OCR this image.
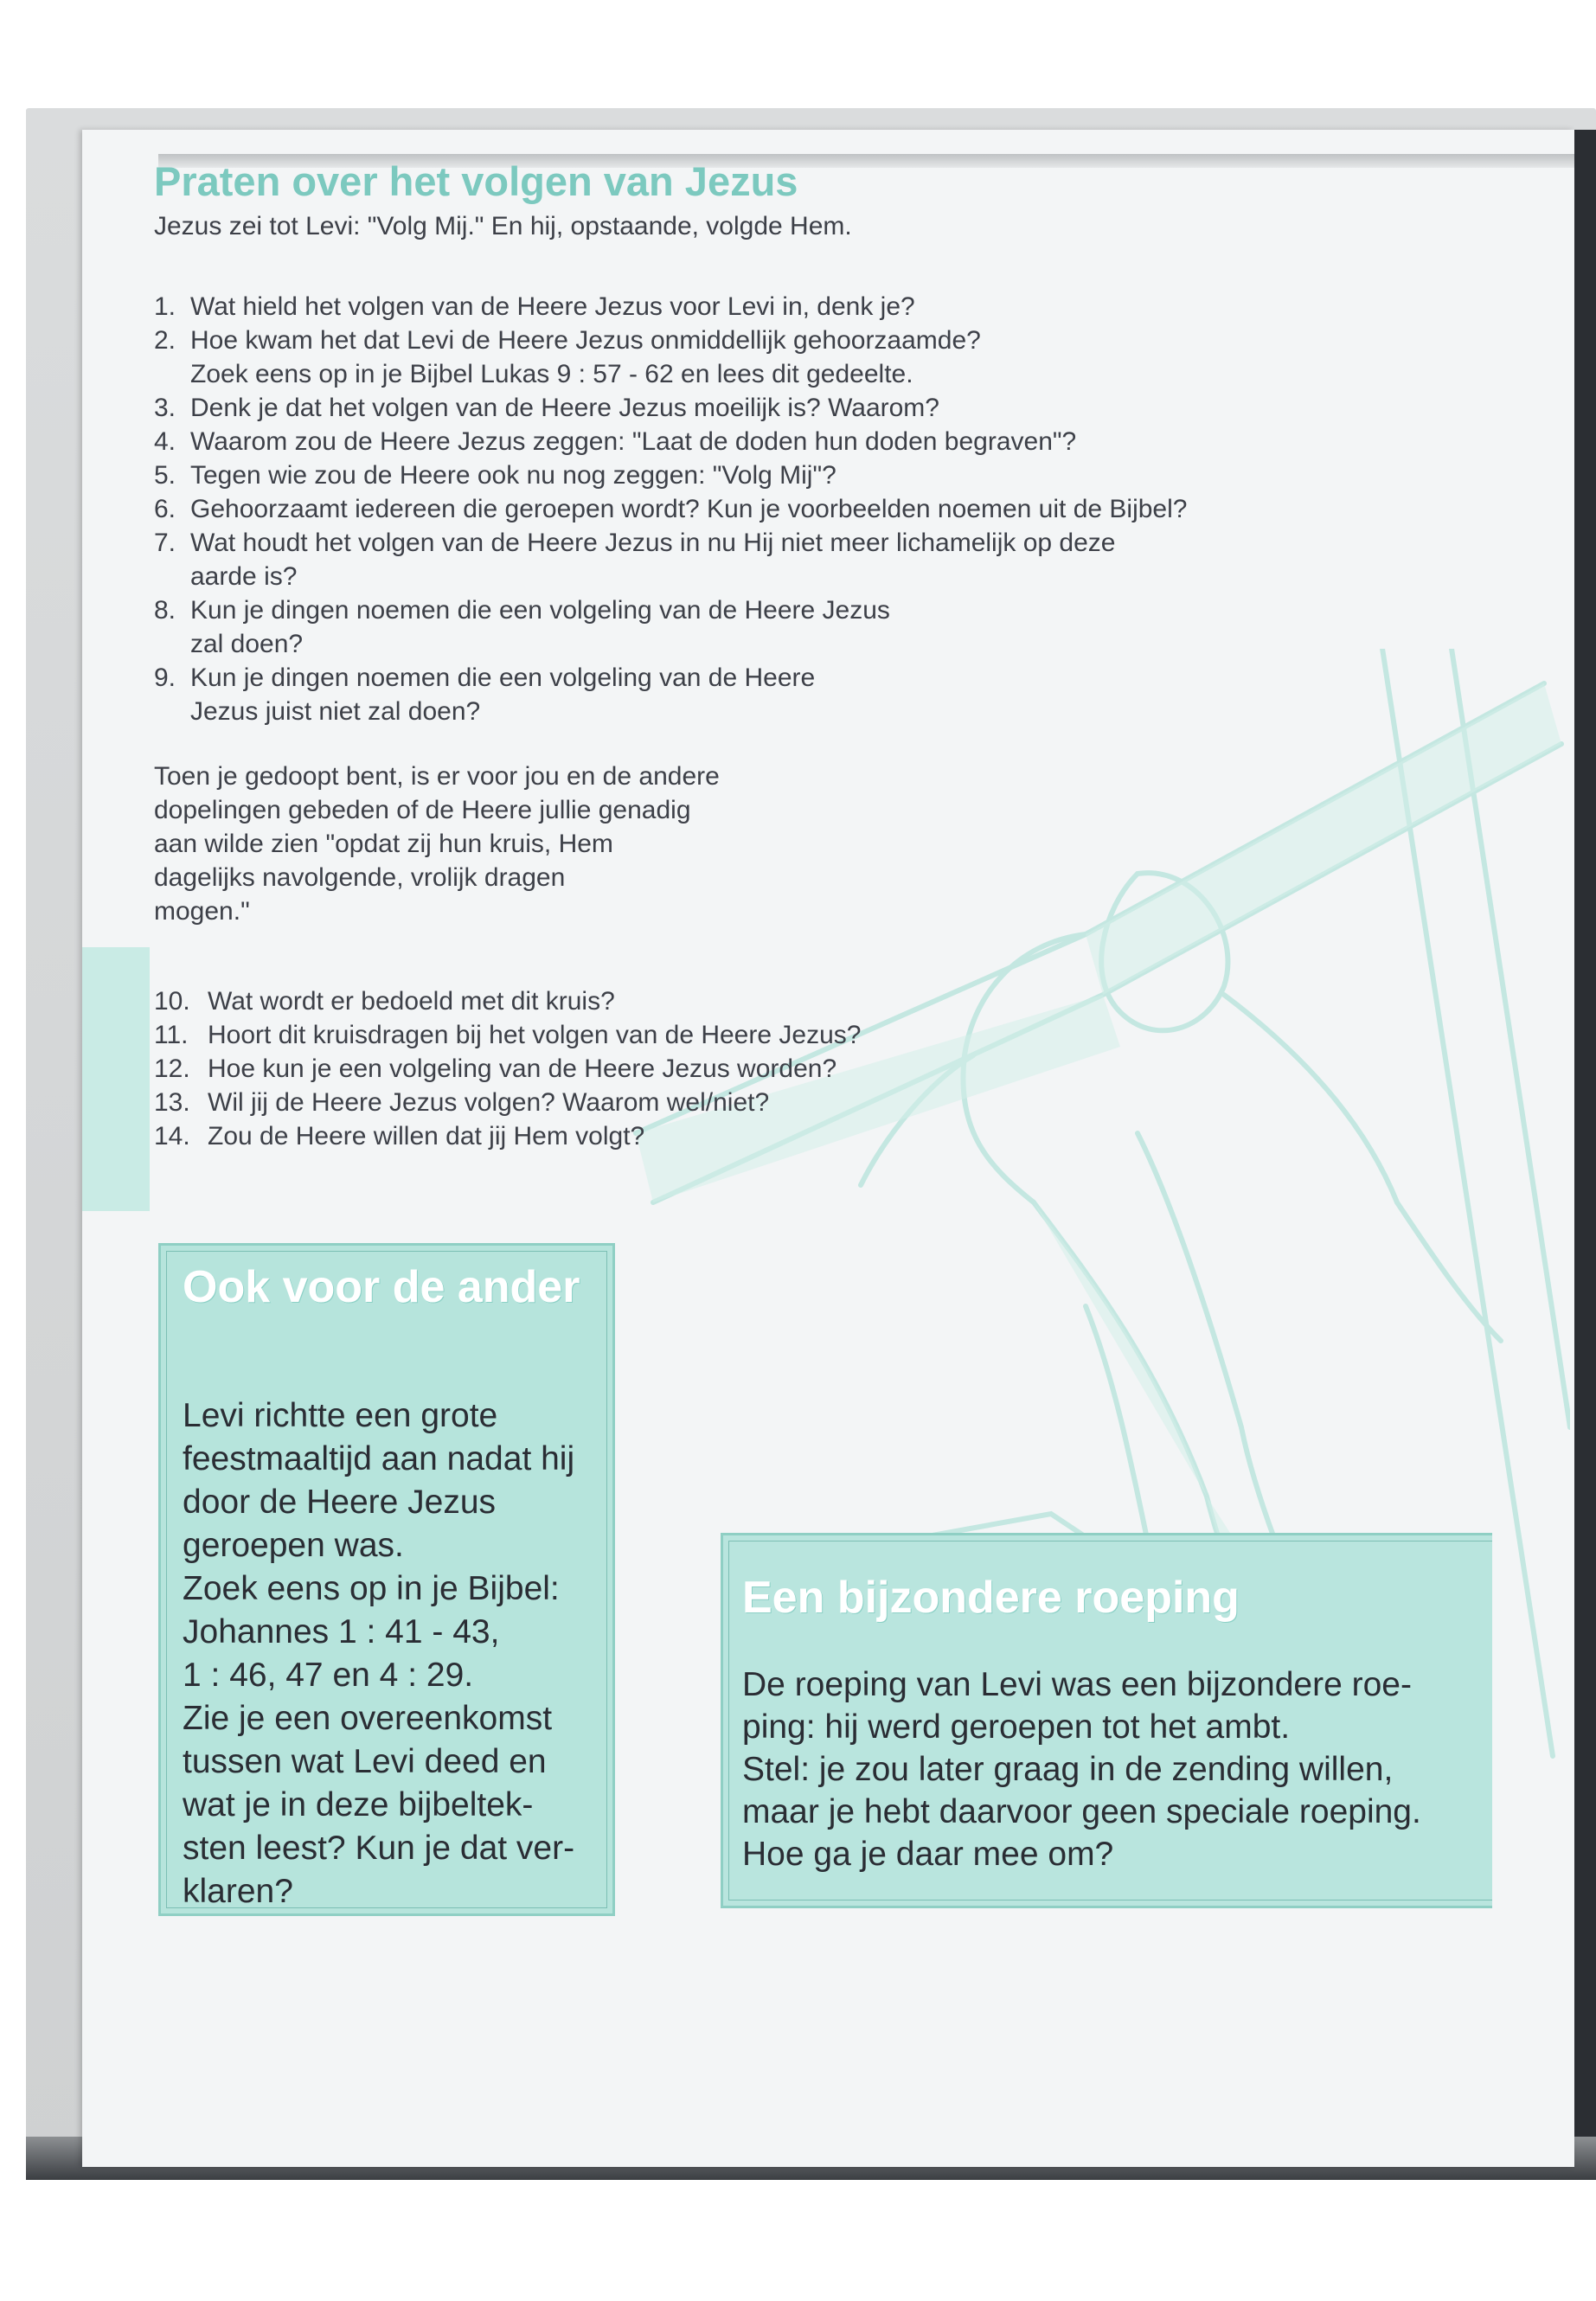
Praten over het volgen van Jezus
Jezus zei tot Levi: "Volg Mij." En hij, opstaande, volgde Hem.
1. Wat hield het volgen van de Heere Jezus voor Levi in, denk je?
2. Hoe kwam het dat Levi de Heere Jezus onmiddellijk gehoorzaamde?
Zoek eens op in je Bijbel Lukas 9 : 57 - 62 en lees dit gedeelte.
3. Denk je dat het volgen van de Heere Jezus moeilijk is? Waarom?
4. Waarom zou de Heere Jezus zeggen: "Laat de doden hun doden begraven"?
5. Tegen wie zou de Heere ook nu nog zeggen: "Volg Mij"?
6. Gehoorzaamt iedereen die geroepen wordt? Kun je voorbeelden noemen uit de Bijbel?
7. Wat houdt het volgen van de Heere Jezus in nu Hij niet meer lichamelijk op deze
aarde is?
8. Kun je dingen noemen die een volgeling van de Heere Jezus
zal doen?
9. Kun je dingen noemen die een volgeling van de Heere
Jezus juist niet zal doen?
Toen je gedoopt bent, is er voor jou en de andere
dopelingen gebeden of de Heere jullie genadig
aan wilde zien "opdat zij hun kruis, Hem
dagelijks navolgende, vrolijk dragen
mogen."
10. Wat wordt er bedoeld met dit kruis?
11. Hoort dit kruisdragen bij het volgen van de Heere Jezus?
12. Hoe kun je een volgeling van de Heere Jezus worden?
13. Wil jij de Heere Jezus volgen? Waarom wel/niet?
14. Zou de Heere willen dat jij Hem volgt?
Ook voor de ander
Levi richtte een grote
feestmaaltijd aan nadat hij
door de Heere Jezus
geroepen was.
Zoek eens op in je Bijbel:
Johannes 1 : 41 - 43,
1 : 46, 47 en 4 : 29.
Zie je een overeenkomst
tussen wat Levi deed en
wat je in deze bijbeltek-
sten leest? Kun je dat ver-
klaren?
Een bijzondere roeping
De roeping van Levi was een bijzondere roe-
ping: hij werd geroepen tot het ambt.
Stel: je zou later graag in de zending willen,
maar je hebt daarvoor geen speciale roeping.
Hoe ga je daar mee om?
